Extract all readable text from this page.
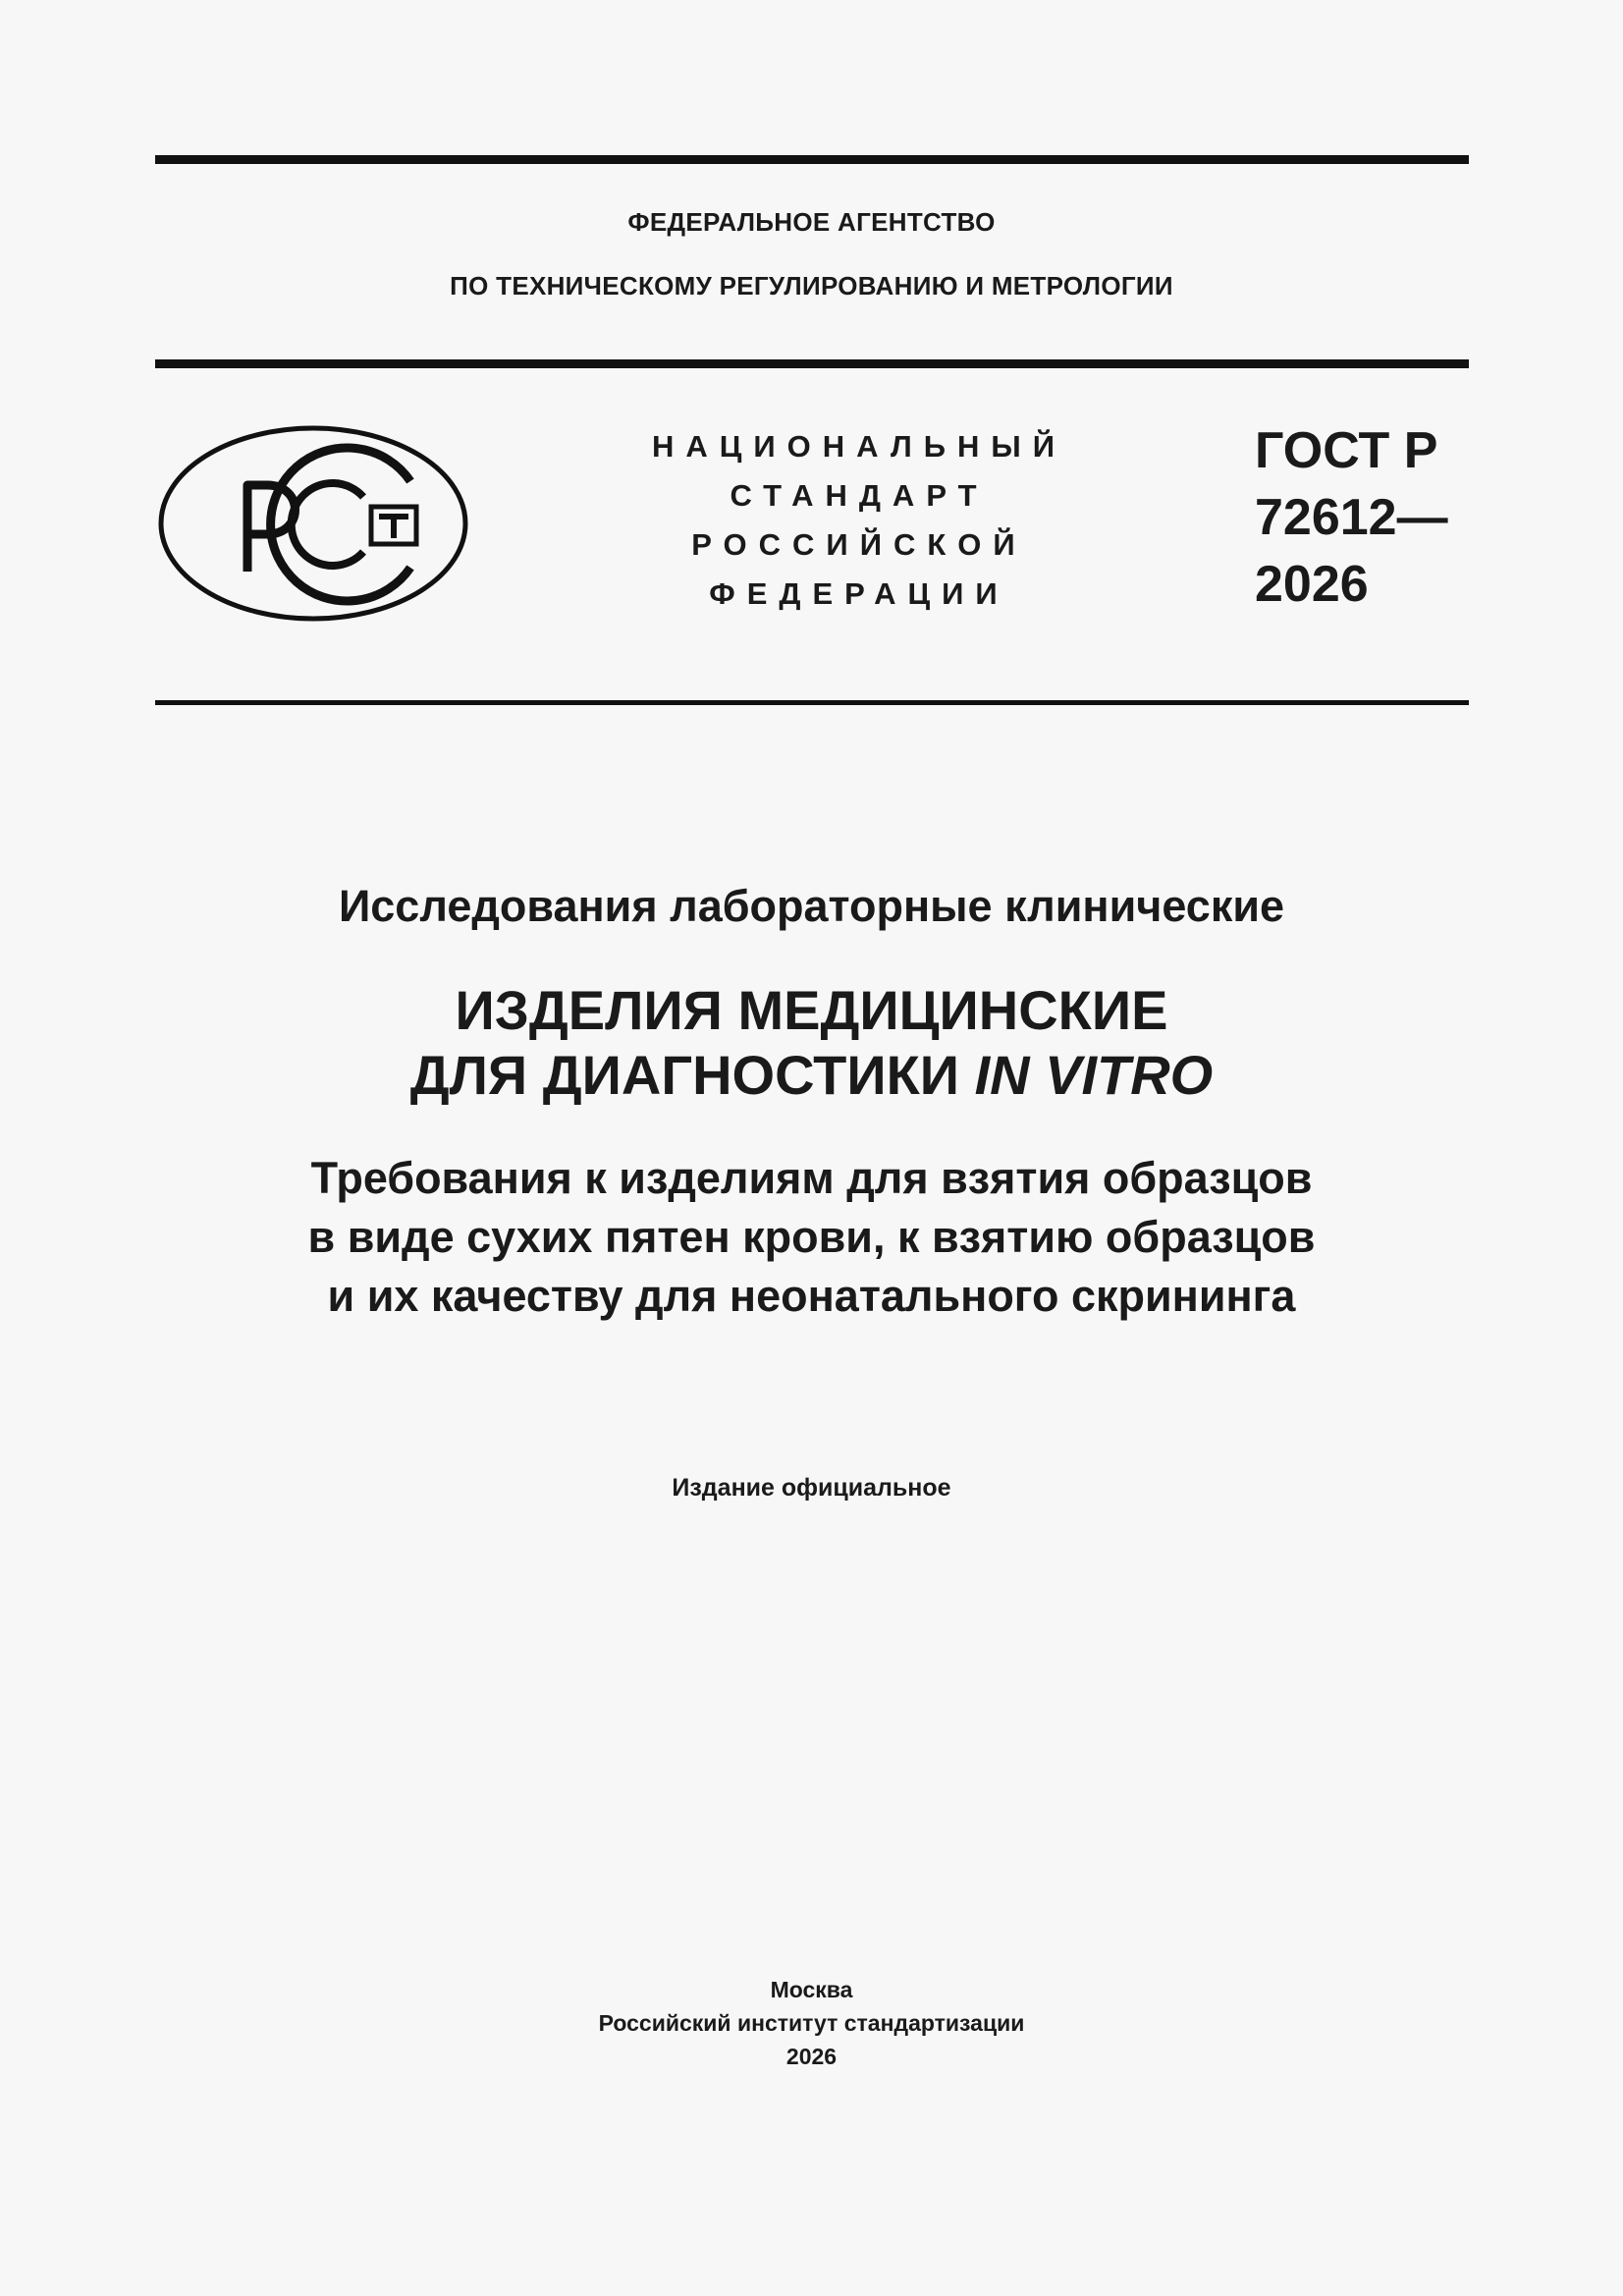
ФЕДЕРАЛЬНОЕ АГЕНТСТВО
ПО ТЕХНИЧЕСКОМУ РЕГУЛИРОВАНИЮ И МЕТРОЛОГИИ
НАЦИОНАЛЬНЫЙ
СТАНДАРТ
РОССИЙСКОЙ
ФЕДЕРАЦИИ
ГОСТ Р
72612—
2026
Исследования лабораторные клинические
ИЗДЕЛИЯ МЕДИЦИНСКИЕ
ДЛЯ ДИАГНОСТИКИ IN VITRO
Требования к изделиям для взятия образцов
в виде сухих пятен крови, к взятию образцов
и их качеству для неонатального скрининга
Издание официальное
Москва
Российский институт стандартизации
2026
